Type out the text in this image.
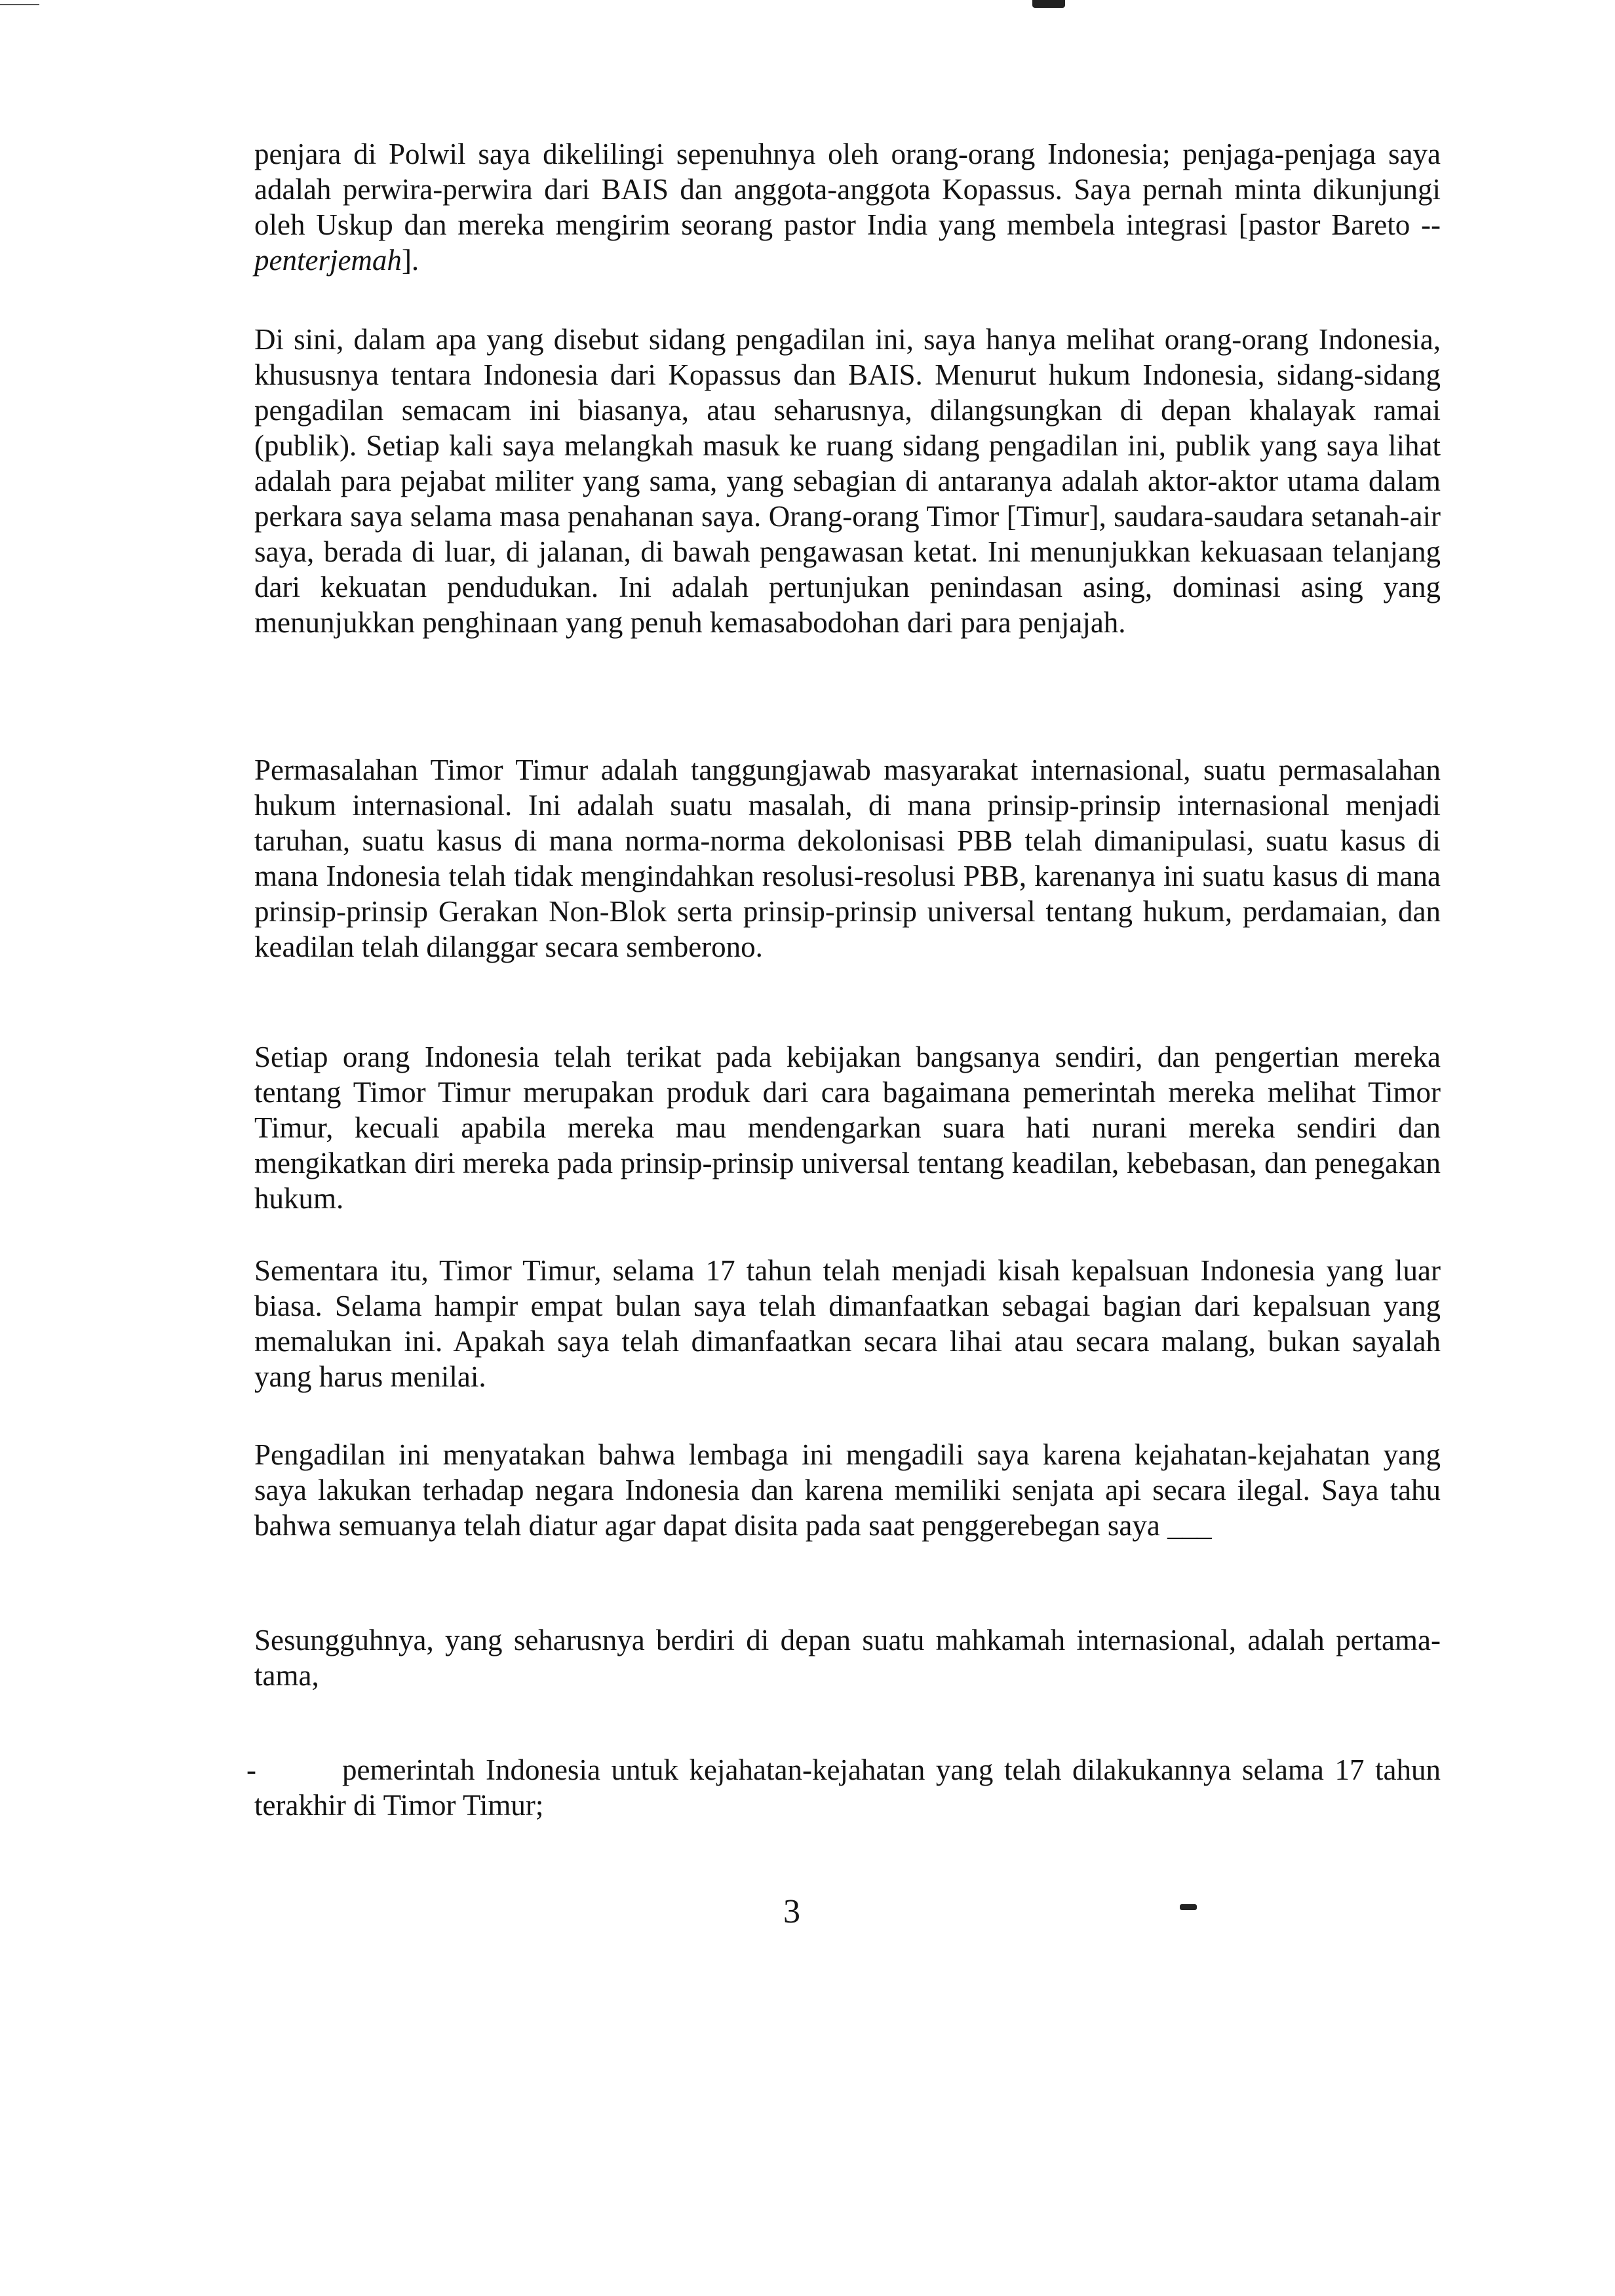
penjara di Polwil saya dikelilingi sepenuhnya oleh orang-orang Indonesia; penjaga-penjaga saya adalah perwira-perwira dari BAIS dan anggota-anggota Kopassus. Saya pernah minta dikunjungi oleh Uskup dan mereka mengirim seorang pastor India yang membela integrasi [pastor Bareto -- penterjemah].

Di sini, dalam apa yang disebut sidang pengadilan ini, saya hanya melihat orang-orang Indonesia, khususnya tentara Indonesia dari Kopassus dan BAIS. Menurut hukum Indonesia, sidang-sidang pengadilan semacam ini biasanya, atau seharusnya, dilangsungkan di depan khalayak ramai (publik). Setiap kali saya melangkah masuk ke ruang sidang pengadilan ini, publik yang saya lihat adalah para pejabat militer yang sama, yang sebagian di antaranya adalah aktor-aktor utama dalam perkara saya selama masa penahanan saya. Orang-orang Timor [Timur], saudara-saudara setanah-air saya, berada di luar, di jalanan, di bawah pengawasan ketat. Ini menunjukkan kekuasaan telanjang dari kekuatan pendudukan. Ini adalah pertunjukan penindasan asing, dominasi asing yang menunjukkan penghinaan yang penuh kemasabodohan dari para penjajah.

Permasalahan Timor Timur adalah tanggungjawab masyarakat internasional, suatu permasalahan hukum internasional. Ini adalah suatu masalah, di mana prinsip-prinsip internasional menjadi taruhan, suatu kasus di mana norma-norma dekolonisasi PBB telah dimanipulasi, suatu kasus di mana Indonesia telah tidak mengindahkan resolusi-resolusi PBB, karenanya ini suatu kasus di mana prinsip-prinsip Gerakan Non-Blok serta prinsip-prinsip universal tentang hukum, perdamaian, dan keadilan telah dilanggar secara semberono.

Setiap orang Indonesia telah terikat pada kebijakan bangsanya sendiri, dan pengertian mereka tentang Timor Timur merupakan produk dari cara bagaimana pemerintah mereka melihat Timor Timur, kecuali apabila mereka mau mendengarkan suara hati nurani mereka sendiri dan mengikatkan diri mereka pada prinsip-prinsip universal tentang keadilan, kebebasan, dan penegakan hukum.

Sementara itu, Timor Timur, selama 17 tahun telah menjadi kisah kepalsuan Indonesia yang luar biasa. Selama hampir empat bulan saya telah dimanfaatkan sebagai bagian dari kepalsuan yang memalukan ini. Apakah saya telah dimanfaatkan secara lihai atau secara malang, bukan sayalah yang harus menilai.

Pengadilan ini menyatakan bahwa lembaga ini mengadili saya karena kejahatan-kejahatan yang saya lakukan terhadap negara Indonesia dan karena memiliki senjata api secara ilegal. Saya tahu bahwa semuanya telah diatur agar dapat disita pada saat penggerebegan saya ___

Sesungguhnya, yang seharusnya berdiri di depan suatu mahkamah internasional, adalah pertama-tama,

-	pemerintah Indonesia untuk kejahatan-kejahatan yang telah dilakukannya selama 17 tahun terakhir di Timor Timur;
3
